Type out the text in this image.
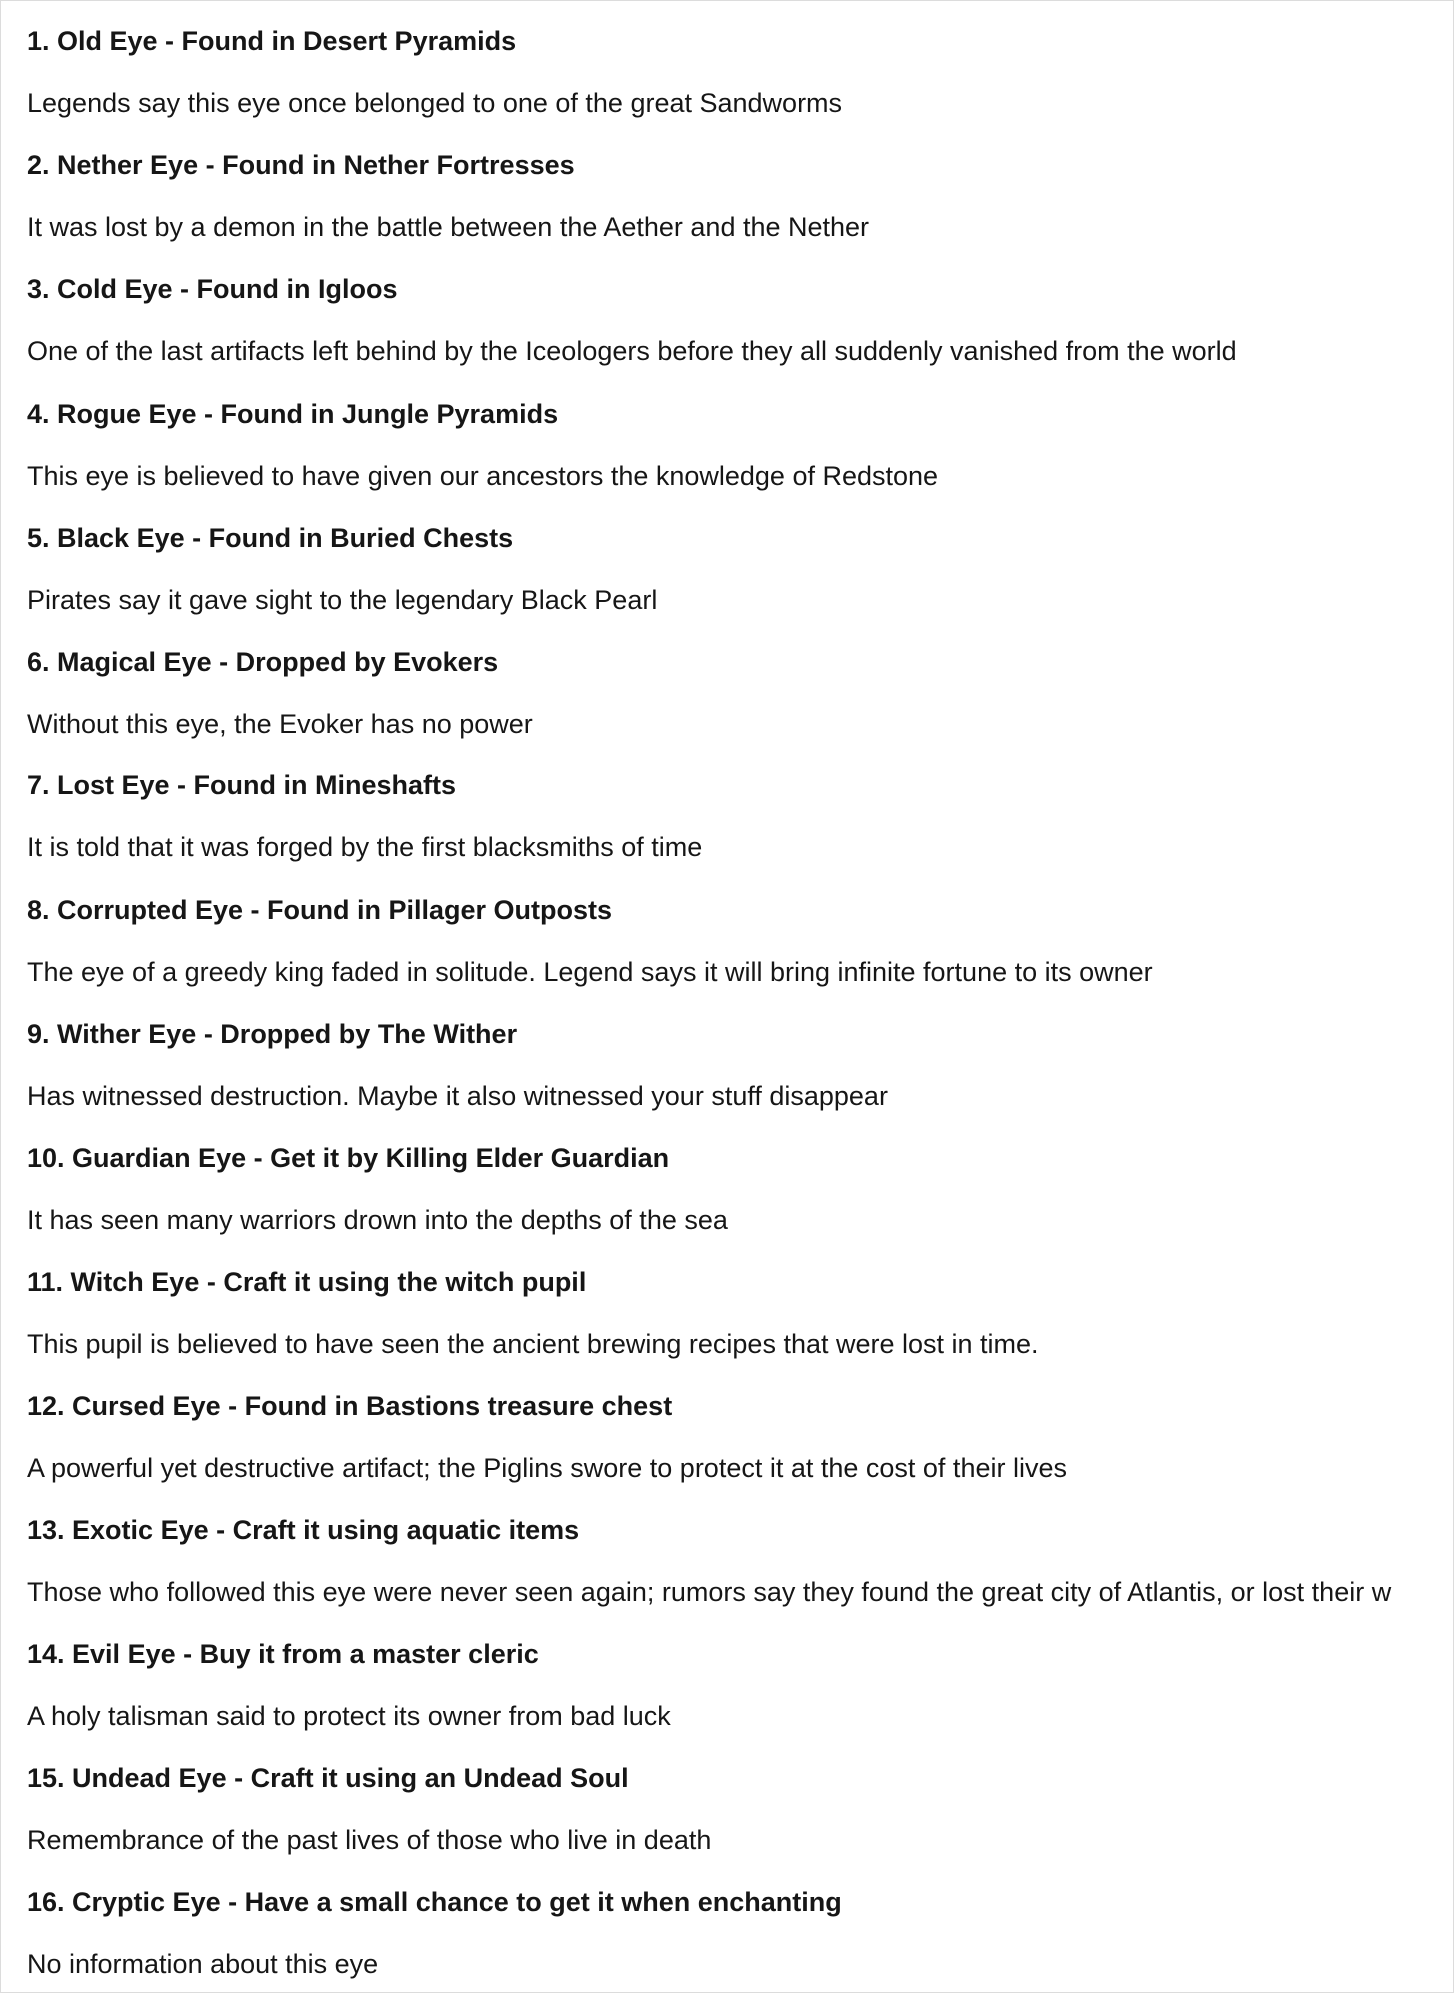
1. Old Eye - Found in Desert Pyramids
Legends say this eye once belonged to one of the great Sandworms
2. Nether Eye - Found in Nether Fortresses
It was lost by a demon in the battle between the Aether and the Nether
3. Cold Eye - Found in Igloos
One of the last artifacts left behind by the Iceologers before they all suddenly vanished from the world
4. Rogue Eye - Found in Jungle Pyramids
This eye is believed to have given our ancestors the knowledge of Redstone
5. Black Eye - Found in Buried Chests
Pirates say it gave sight to the legendary Black Pearl
6. Magical Eye - Dropped by Evokers
Without this eye, the Evoker has no power
7. Lost Eye - Found in Mineshafts
It is told that it was forged by the first blacksmiths of time
8. Corrupted Eye - Found in Pillager Outposts
The eye of a greedy king faded in solitude. Legend says it will bring infinite fortune to its owner
9. Wither Eye - Dropped by The Wither
Has witnessed destruction. Maybe it also witnessed your stuff disappear
10. Guardian Eye - Get it by Killing Elder Guardian
It has seen many warriors drown into the depths of the sea
11. Witch Eye - Craft it using the witch pupil
This pupil is believed to have seen the ancient brewing recipes that were lost in time.
12. Cursed Eye - Found in Bastions treasure chest
A powerful yet destructive artifact; the Piglins swore to protect it at the cost of their lives
13. Exotic Eye - Craft it using aquatic items
Those who followed this eye were never seen again; rumors say they found the great city of Atlantis, or lost their w
14. Evil Eye - Buy it from a master cleric
A holy talisman said to protect its owner from bad luck
15. Undead Eye - Craft it using an Undead Soul
Remembrance of the past lives of those who live in death
16. Cryptic Eye - Have a small chance to get it when enchanting
No information about this eye
